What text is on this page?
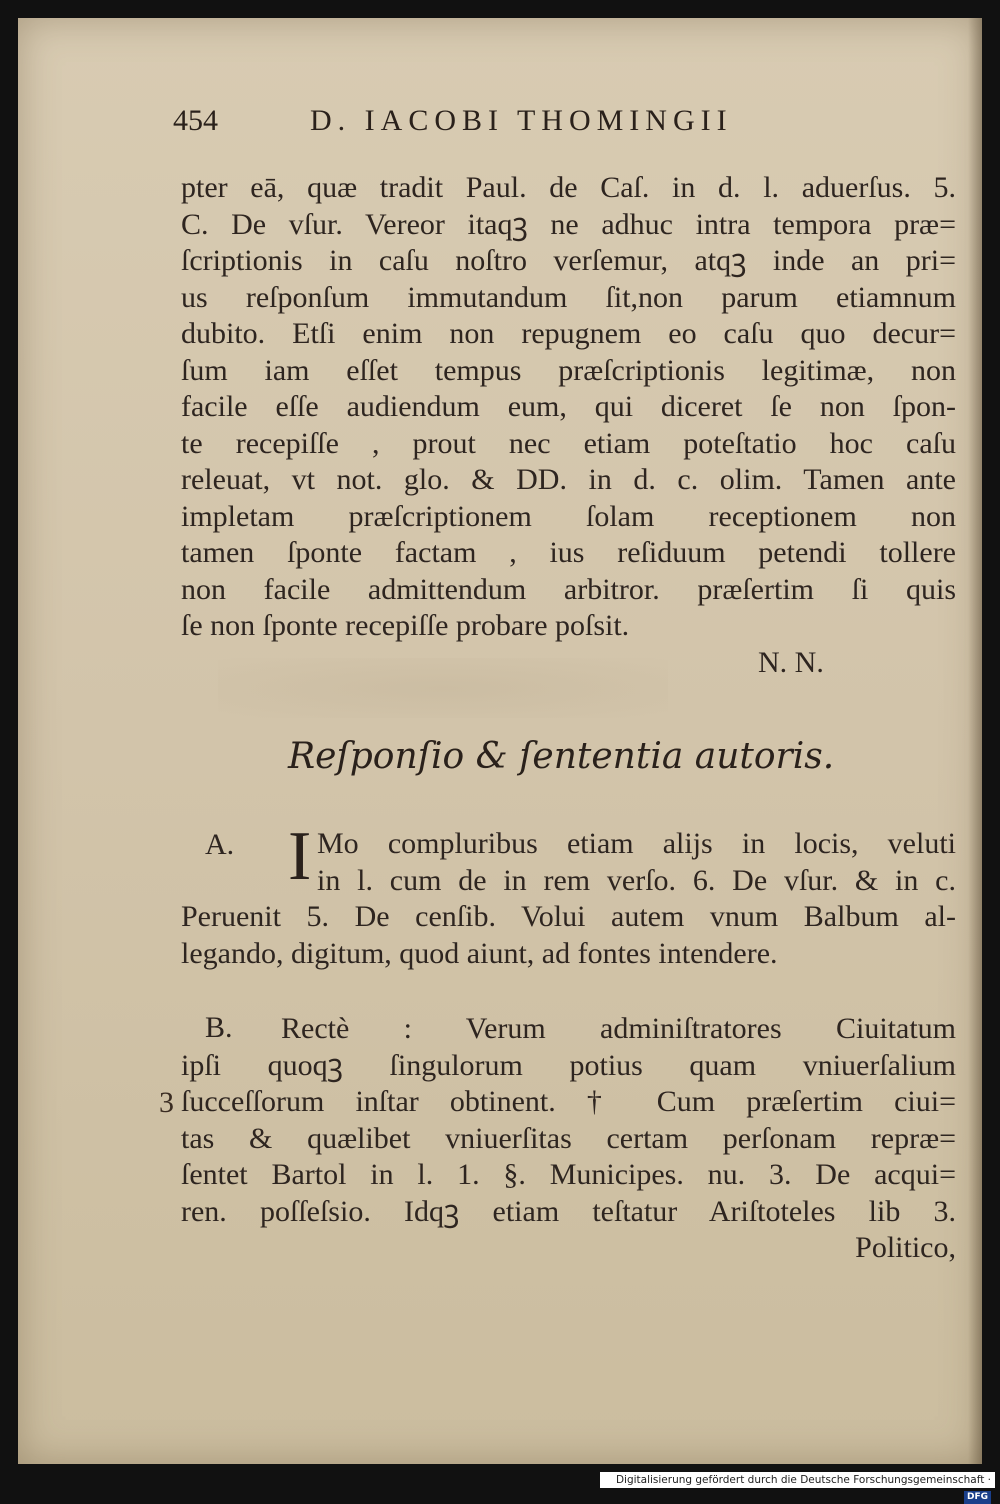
454	D. IACOBI THOMINGII
pter eā, quæ tradit Paul. de Caſ. in d. l. aduerſus. 5.
C. De vſur. Vereor itaqꝫ ne adhuc intra tempora præ=
ſcriptionis in caſu noſtro verſemur, atqꝫ inde an pri=
us reſponſum immutandum ſit,non parum etiamnum
dubito. Etſi enim non repugnem eo caſu quo decur=
ſum iam eſſet tempus præſcriptionis legitimæ, non
facile eſſe audiendum eum, qui diceret ſe non ſpon-
te recepiſſe , prout nec etiam poteſtatio hoc caſu
releuat, vt not. glo. & DD. in d. c. olim. Tamen ante
impletam præſcriptionem ſolam receptionem non
tamen ſponte factam , ius reſiduum petendi tollere
non facile admittendum arbitror. præſertim ſi quis
ſe non ſponte recepiſſe probare poſsit.
N. N.
Reſponſio & ſententia autoris.
A. I Mo compluribus etiam alijs in locis, veluti
in l. cum de in rem verſo. 6. De vſur. & in c.
Peruenit 5. De cenſib. Volui autem vnum Balbum al-
legando, digitum, quod aiunt, ad fontes intendere.
B.
3
Rectè : Verum adminiſtratores Ciuitatum
ipſi quoqꝫ ſingulorum potius quam vniuerſalium
ſucceſſorum inſtar obtinent. † Cum præſertim ciui=
tas & quælibet vniuerſitas certam perſonam repræ=
ſentet Bartol in l. 1. §. Municipes. nu. 3. De acqui=
ren. poſſeſsio. Idqꝫ etiam teſtatur Ariſtoteles lib 3.
Politico,
Digitalisierung gefördert durch die Deutsche Forschungsgemeinschaft ·DFG
